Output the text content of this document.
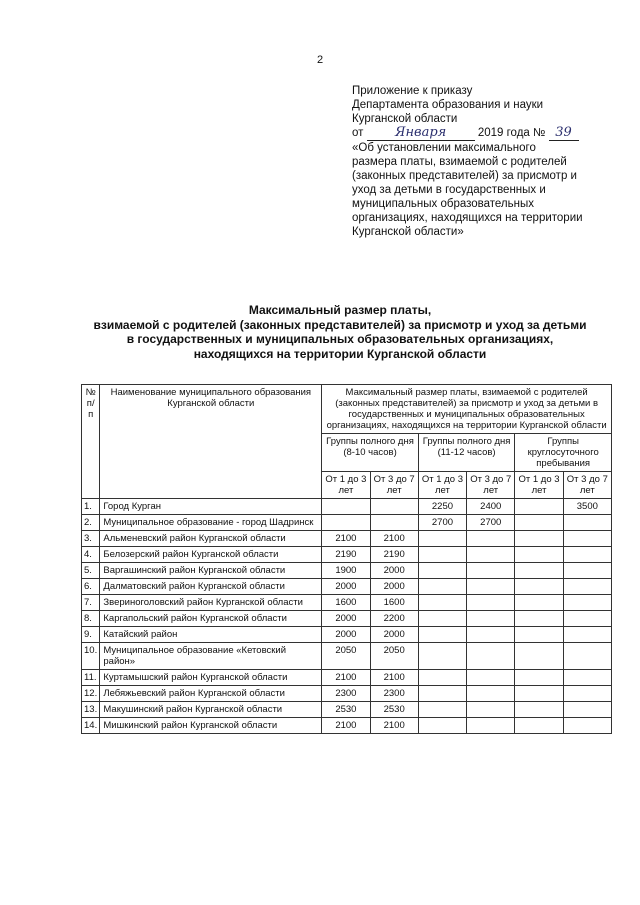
2
Приложение к приказу
Департамента образования и науки
Курганской области
от Января	2019 года № 39
«Об установлении максимального
размера платы, взимаемой с родителей
(законных представителей) за присмотр и
уход за детьми в государственных и
муниципальных образовательных
организациях, находящихся на территории
Курганской области»
Максимальный размер платы,
взимаемой с родителей (законных представителей) за присмотр и уход за детьми
в государственных и муниципальных образовательных организациях,
находящихся на территории Курганской области
№ п/п	Наименование муниципального образования Курганской области	Максимальный размер платы, взимаемой с родителей (законных представителей) за присмотр и уход за детьми в государственных и муниципальных образовательных организациях, находящихся на территории Курганской области					
		Группы полного дня (8-10 часов)		Группы полного дня (11-12 часов)		Группы круглосуточного пребывания	
		От 1 до 3 лет	От 3 до 7 лет	От 1 до 3 лет	От 3 до 7 лет	От 1 до 3 лет	От 3 до 7 лет
1.	Город Курган			2250	2400		3500
2.	Муниципальное образование - город Шадринск			2700	2700		
3.	Альменевский район Курганской области	2100	2100				
4.	Белозерский район Курганской области	2190	2190				
5.	Варгашинский район Курганской области	1900	2000				
6.	Далматовский район Курганской области	2000	2000				
7.	Звериноголовский район Курганской области	1600	1600				
8.	Каргапольский район Курганской области	2000	2200				
9.	Катайский район	2000	2000				
10.	Муниципальное образование «Кетовский район»	2050	2050				
11.	Куртамышский район Курганской области	2100	2100				
12.	Лебяжьевский район Курганской области	2300	2300				
13.	Макушинский район Курганской области	2530	2530				
14.	Мишкинский район Курганской области	2100	2100				
